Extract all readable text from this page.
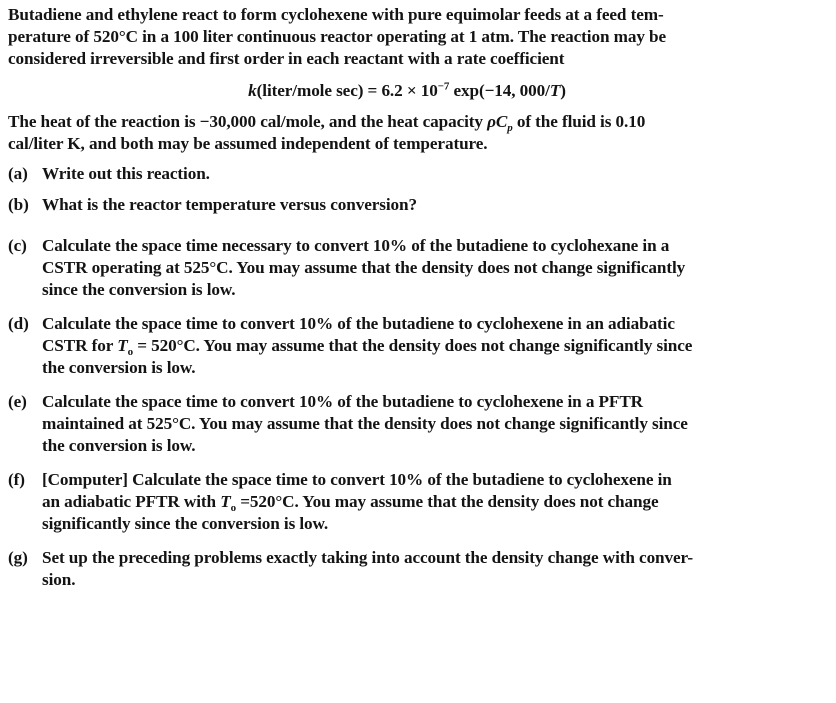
Butadiene and ethylene react to form cyclohexene with pure equimolar feeds at a feed tem-
perature of 520°C in a 100 liter continuous reactor operating at 1 atm. The reaction may be
considered irreversible and first order in each reactant with a rate coefficient

k(liter/mole $\sec) = 6.2 \times 10^{-7}$ exp(−14, 000/T)

The heat of the reaction is −30,000 cal/mole, and the heat capacity $\rho C_p$ of the fluid is 0.10
cal/liter K, and both may be assumed independent of temperature.

(a) Write out this reaction.
(b) What is the reactor temperature versus conversion?
(c) Calculate the space time necessary to convert 10% of the butadiene to cyclohexane in a
CSTR operating at 525°C. You may assume that the density does not change significantly
since the conversion is low.
(d) Calculate the space time to convert 10% of the butadiene to cyclohexene in an adiabatic
CSTR for $T_o = 520^\circ C$. You may assume that the density does not change significantly since
the conversion is low.
(e) Calculate the space time to convert 10% of the butadiene to cyclohexene in a PFTR
maintained at 525°C. You may assume that the density does not change significantly since
the conversion is low.
(f) [Computer] Calculate the space time to convert 10% of the butadiene to cyclohexene in
an adiabatic PFTR with $T_o =520^\circ C$. You may assume that the density does not change
significantly since the conversion is low.
(g) Set up the preceding problems exactly taking into account the density change with conver-
sion.
